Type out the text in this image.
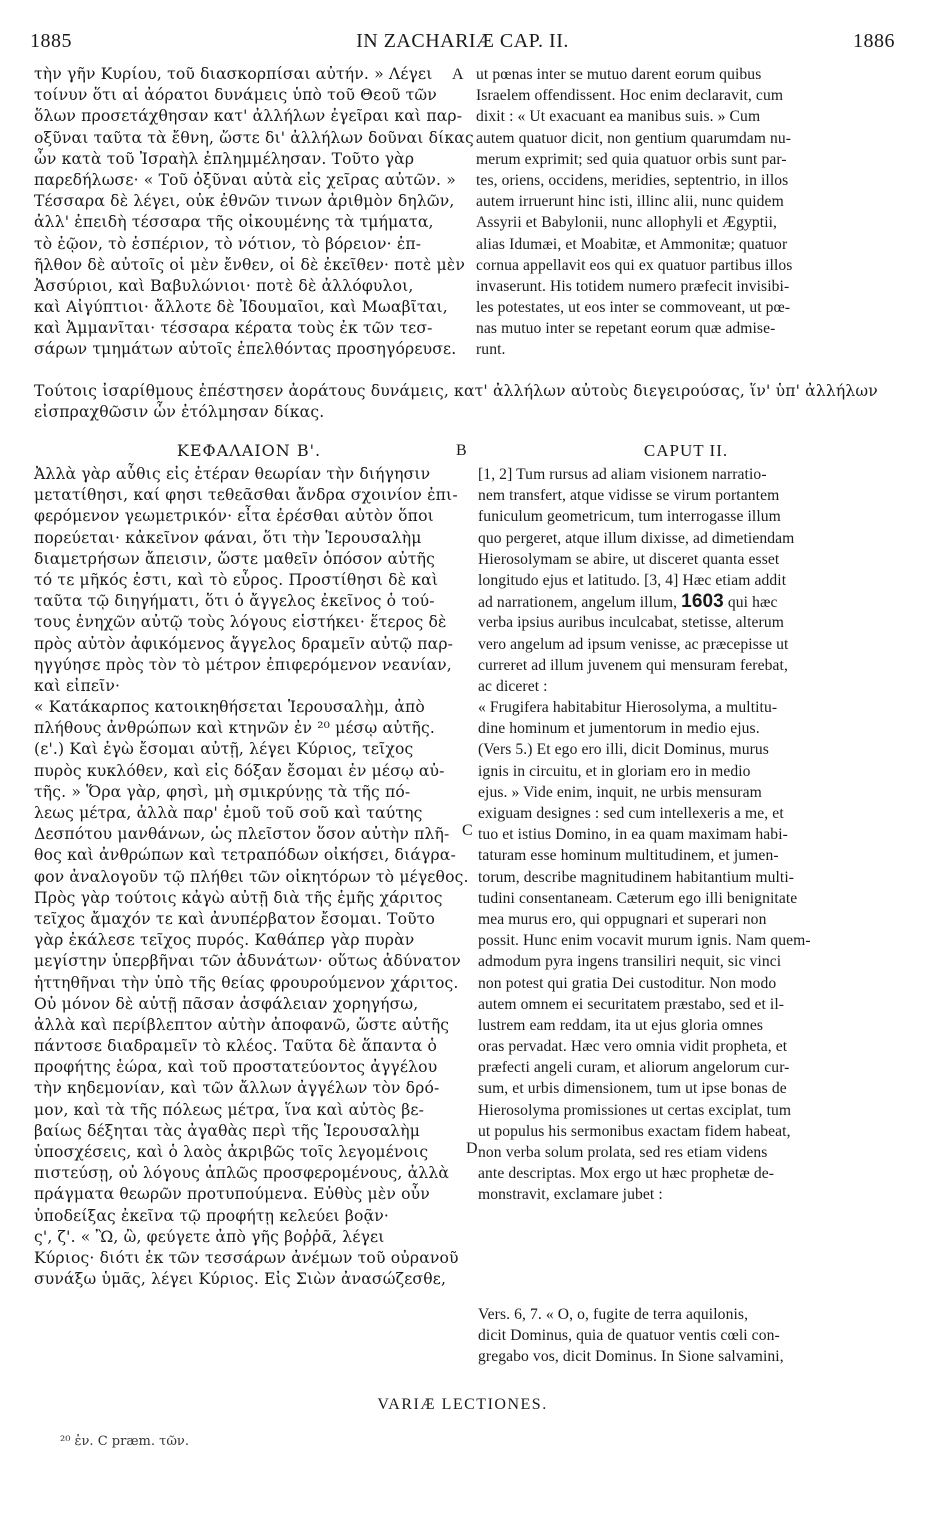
1885	IN ZACHARIÆ CAP. II.	1886
τὴν γῆν Κυρίου, τοῦ διασκορπίσαι αὐτήν. » Λέγει
τοίνυν ὅτι αἱ ἀόρατοι δυνάμεις ὑπὸ τοῦ Θεοῦ τῶν
ὅλων προσετάχθησαν κατ' ἀλλήλων ἐγεῖραι καὶ παρ-
οξῦναι ταῦτα τὰ ἔθνη, ὥστε δι' ἀλλήλων δοῦναι δίκας
ὧν κατὰ τοῦ Ἰσραὴλ ἐπλημμέλησαν. Τοῦτο γὰρ
παρεδήλωσε· « Τοῦ ὀξῦναι αὐτὰ εἰς χεῖρας αὐτῶν. »
Τέσσαρα δὲ λέγει, οὐκ ἐθνῶν τινων ἀριθμὸν δηλῶν,
ἀλλ' ἐπειδὴ τέσσαρα τῆς οἰκουμένης τὰ τμήματα,
τὸ ἑῷον, τὸ ἑσπέριον, τὸ νότιον, τὸ βόρειον· ἐπ-
ῆλθον δὲ αὐτοῖς οἱ μὲν ἔνθεν, οἱ δὲ ἐκεῖθεν· ποτὲ μὲν
Ἀσσύριοι, καὶ Βαβυλώνιοι· ποτὲ δὲ ἀλλόφυλοι,
καὶ Αἰγύπτιοι· ἄλλοτε δὲ Ἰδουμαῖοι, καὶ Μωαβῖται,
καὶ Ἀμμανῖται· τέσσαρα κέρατα τοὺς ἐκ τῶν τεσ-
σάρων τμημάτων αὐτοῖς ἐπελθόντας προσηγόρευσε.
ut pœnas inter se mutuo darent eorum quibus
Israelem offendissent. Hoc enim declaravit, cum
dixit : « Ut exacuant ea manibus suis. » Cum
autem quatuor dicit, non gentium quarumdam nu-
merum exprimit; sed quia quatuor orbis sunt par-
tes, oriens, occidens, meridies, septentrio, in illos
autem irruerunt hinc isti, illinc alii, nunc quidem
Assyrii et Babylonii, nunc allophyli et Ægyptii,
alias Idumæi, et Moabitæ, et Ammonitæ; quatuor
cornua appellavit eos qui ex quatuor partibus illos
invaserunt. His totidem numero præfecit invisibi-
les potestates, ut eos inter se commoveant, ut pœ-
nas mutuo inter se repetant eorum quæ admise-
runt.
A
Τούτοις ἰσαρίθμους ἐπέστησεν ἀοράτους δυνάμεις, κατ' ἀλλήλων αὐτοὺς διεγειρούσας, ἵν' ὑπ' ἀλλήλων
εἰσπραχθῶσιν ὧν ἐτόλμησαν δίκας.
ΚΕΦΑΛΑΙΟΝ Β'.	CAPUT II.
B
Ἀλλὰ γὰρ αὖθις εἰς ἑτέραν θεωρίαν τὴν διήγησιν
μετατίθησι, καί φησι τεθεᾶσθαι ἄνδρα σχοινίον ἐπι-
φερόμενον γεωμετρικόν· εἶτα ἐρέσθαι αὐτὸν ὅποι
πορεύεται· κἀκεῖνον φάναι, ὅτι τὴν Ἱερουσαλὴμ
διαμετρήσων ἄπεισιν, ὥστε μαθεῖν ὁπόσον αὐτῆς
τό τε μῆκός ἐστι, καὶ τὸ εὖρος. Προστίθησι δὲ καὶ
ταῦτα τῷ διηγήματι, ὅτι ὁ ἄγγελος ἐκεῖνος ὁ τού-
τους ἐνηχῶν αὐτῷ τοὺς λόγους εἱστήκει· ἕτερος δὲ
πρὸς αὐτὸν ἀφικόμενος ἄγγελος δραμεῖν αὐτῷ παρ-
ηγγύησε πρὸς τὸν τὸ μέτρον ἐπιφερόμενον νεανίαν,
καὶ εἰπεῖν·
« Κατάκαρπος κατοικηθήσεται Ἱερουσαλὴμ, ἀπὸ
πλήθους ἀνθρώπων καὶ κτηνῶν ἐν ²⁰ μέσῳ αὐτῆς.
(ε'.) Καὶ ἐγὼ ἔσομαι αὐτῇ, λέγει Κύριος, τεῖχος
πυρὸς κυκλόθεν, καὶ εἰς δόξαν ἔσομαι ἐν μέσῳ αὐ-
τῆς. » Ὅρα γὰρ, φησὶ, μὴ σμικρύνῃς τὰ τῆς πό-
λεως μέτρα, ἀλλὰ παρ' ἐμοῦ τοῦ σοῦ καὶ ταύτης
Δεσπότου μανθάνων, ὡς πλεῖστον ὅσον αὐτὴν πλῆ-
θος καὶ ἀνθρώπων καὶ τετραπόδων οἰκήσει, διάγρα-
φον ἀναλογοῦν τῷ πλήθει τῶν οἰκητόρων τὸ μέγεθος.
Πρὸς γὰρ τούτοις κἀγὼ αὐτῇ διὰ τῆς ἐμῆς χάριτος
τεῖχος ἄμαχόν τε καὶ ἀνυπέρβατον ἔσομαι. Τοῦτο
γὰρ ἐκάλεσε τεῖχος πυρός. Καθάπερ γὰρ πυρὰν
μεγίστην ὑπερβῆναι τῶν ἀδυνάτων· οὕτως ἀδύνατον
ἡττηθῆναι τὴν ὑπὸ τῆς θείας φρουρούμενον χάριτος.
Οὐ μόνον δὲ αὐτῇ πᾶσαν ἀσφάλειαν χορηγήσω,
ἀλλὰ καὶ περίβλεπτον αὐτὴν ἀποφανῶ, ὥστε αὐτῆς
πάντοσε διαδραμεῖν τὸ κλέος. Ταῦτα δὲ ἅπαντα ὁ
προφήτης ἑώρα, καὶ τοῦ προστατεύοντος ἀγγέλου
τὴν κηδεμονίαν, καὶ τῶν ἄλλων ἀγγέλων τὸν δρό-
μον, καὶ τὰ τῆς πόλεως μέτρα, ἵνα καὶ αὐτὸς βε-
βαίως δέξηται τὰς ἀγαθὰς περὶ τῆς Ἱερουσαλὴμ
ὑποσχέσεις, καὶ ὁ λαὸς ἀκριβῶς τοῖς λεγομένοις
πιστεύσῃ, οὐ λόγους ἁπλῶς προσφερομένους, ἀλλὰ
πράγματα θεωρῶν προτυπούμενα. Εὐθὺς μὲν οὖν
ὑποδείξας ἐκεῖνα τῷ προφήτῃ κελεύει βοᾷν·
ς', ζ'. « Ὢ, ὢ, φεύγετε ἀπὸ γῆς βοῤῥᾶ, λέγει
Κύριος· διότι ἐκ τῶν τεσσάρων ἀνέμων τοῦ οὐρανοῦ
συνάξω ὑμᾶς, λέγει Κύριος. Εἰς Σιὼν ἀνασώζεσθε,
[1, 2] Tum rursus ad aliam visionem narratio-
nem transfert, atque vidisse se virum portantem
funiculum geometricum, tum interrogasse illum
quo pergeret, atque illum dixisse, ad dimetiendam
Hierosolymam se abire, ut disceret quanta esset
longitudo ejus et latitudo. [3, 4] Hæc etiam addit
ad narrationem, angelum illum, 1603 qui hæc
verba ipsius auribus inculcabat, stetisse, alterum
vero angelum ad ipsum venisse, ac præcepisse ut
curreret ad illum juvenem qui mensuram ferebat,
ac diceret :
« Frugifera habitabitur Hierosolyma, a multitu-
dine hominum et jumentorum in medio ejus.
(Vers 5.) Et ego ero illi, dicit Dominus, murus
ignis in circuitu, et in gloriam ero in medio
ejus. » Vide enim, inquit, ne urbis mensuram
exiguam designes : sed cum intellexeris a me, et
tuo et istius Domino, in ea quam maximam habi-
taturam esse hominum multitudinem, et jumen-
torum, describe magnitudinem habitantium multi-
tudini consentaneam. Cæterum ego illi benignitate
mea murus ero, qui oppugnari et superari non
possit. Hunc enim vocavit murum ignis. Nam quem-
admodum pyra ingens transiliri nequit, sic vinci
non potest qui gratia Dei custoditur. Non modo
autem omnem ei securitatem præstabo, sed et il-
lustrem eam reddam, ita ut ejus gloria omnes
oras pervadat. Hæc vero omnia vidit propheta, et
præfecti angeli curam, et aliorum angelorum cur-
sum, et urbis dimensionem, tum ut ipse bonas de
Hierosolyma promissiones ut certas exciplat, tum
ut populus his sermonibus exactam fidem habeat,
non verba solum prolata, sed res etiam videns
ante descriptas. Mox ergo ut hæc prophetæ de-
monstravit, exclamare jubet :
C
D
Vers. 6, 7. « O, o, fugite de terra aquilonis,
dicit Dominus, quia de quatuor ventis cœli con-
gregabo vos, dicit Dominus. In Sione salvamini,
VARIÆ LECTIONES.
²⁰ ἐν. C præm. τῶν.
